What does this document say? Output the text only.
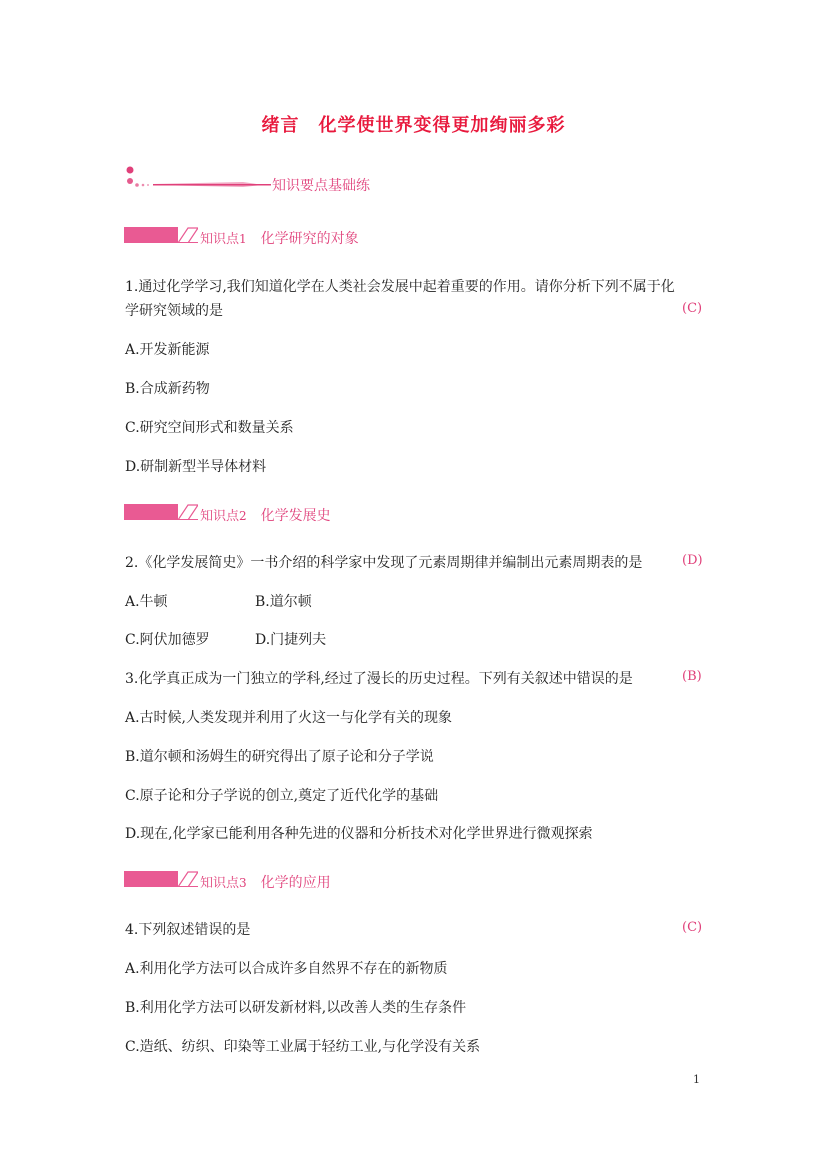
绪言　化学使世界变得更加绚丽多彩
知识要点基础练
知识点1 化学研究的对象
1.通过化学学习,我们知道化学在人类社会发展中起着重要的作用。请你分析下列不属于化
学研究领域的是	(C)
A.开发新能源
B.合成新药物
C.研究空间形式和数量关系
D.研制新型半导体材料
知识点2 化学发展史
2.《化学发展简史》一书介绍的科学家中发现了元素周期律并编制出元素周期表的是	(D)
A.牛顿	B.道尔顿
C.阿伏加德罗	D.门捷列夫
3.化学真正成为一门独立的学科,经过了漫长的历史过程。下列有关叙述中错误的是	(B)
A.古时候,人类发现并利用了火这一与化学有关的现象
B.道尔顿和汤姆生的研究得出了原子论和分子学说
C.原子论和分子学说的创立,奠定了近代化学的基础
D.现在,化学家已能利用各种先进的仪器和分析技术对化学世界进行微观探索
知识点3 化学的应用
4.下列叙述错误的是	(C)
A.利用化学方法可以合成许多自然界不存在的新物质
B.利用化学方法可以研发新材料,以改善人类的生存条件
C.造纸、纺织、印染等工业属于轻纺工业,与化学没有关系
1
